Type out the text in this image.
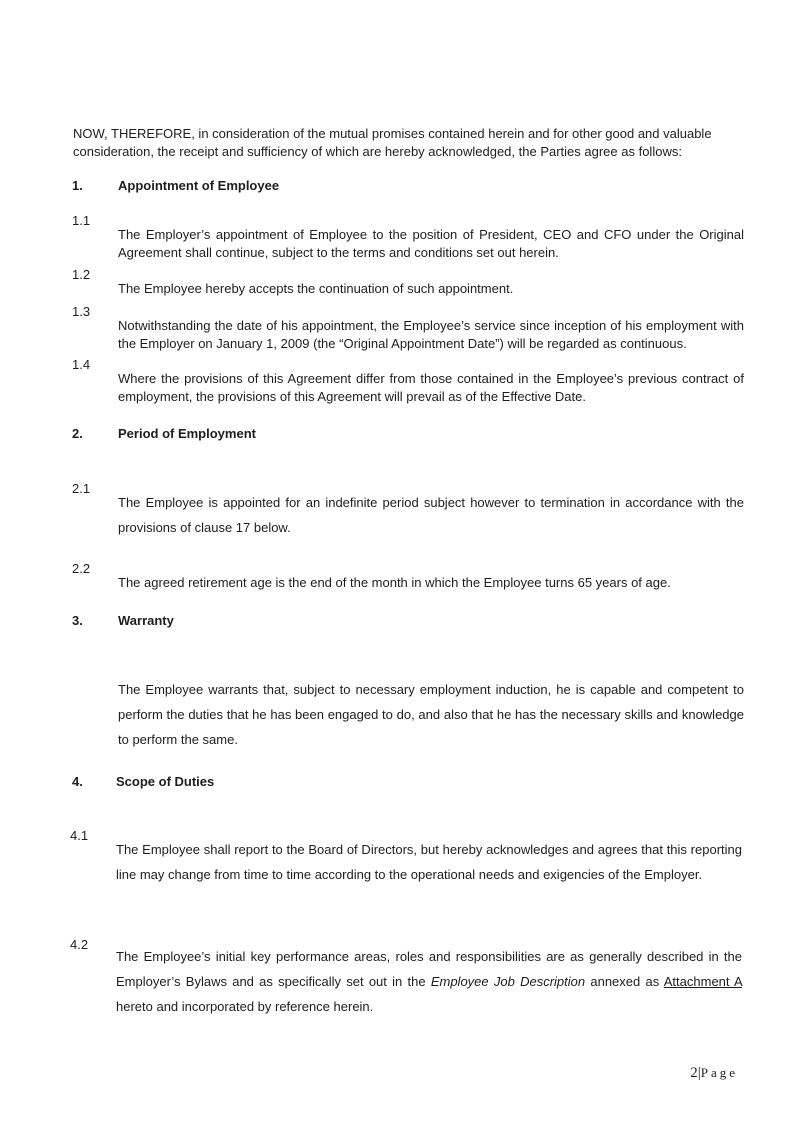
NOW, THEREFORE, in consideration of the mutual promises contained herein and for other good and valuable consideration, the receipt and sufficiency of which are hereby acknowledged, the Parties agree as follows:

1.	Appointment of Employee
1.1

The Employer’s appointment of Employee to the position of President, CEO and CFO under the Original Agreement shall continue, subject to the terms and conditions set out herein.

1.2

The Employee hereby accepts the continuation of such appointment.

1.3

Notwithstanding the date of his appointment, the Employee’s service since inception of his employment with the Employer on January 1, 2009 (the “Original Appointment Date”) will be regarded as continuous.

1.4

Where the provisions of this Agreement differ from those contained in the Employee’s previous contract of employment, the provisions of this Agreement will prevail as of the Effective Date.

2.	Period of Employment
2.1

The Employee is appointed for an indefinite period subject however to termination in accordance with the provisions of clause 17 below.

2.2

The agreed retirement age is the end of the month in which the Employee turns 65 years of age.

3.	Warranty

The Employee warrants that, subject to necessary employment induction, he is capable and competent to perform the duties that he has been engaged to do, and also that he has the necessary skills and knowledge to perform the same.

4.	Scope of Duties
4.1

The Employee shall report to the Board of Directors, but hereby acknowledges and agrees that this reporting line may change from time to time according to the operational needs and exigencies of the Employer.

4.2

The Employee’s initial key performance areas, roles and responsibilities are as generally described in the Employer’s Bylaws and as specifically set out in the Employee Job Description annexed as Attachment A hereto and incorporated by reference herein.

2|Page
